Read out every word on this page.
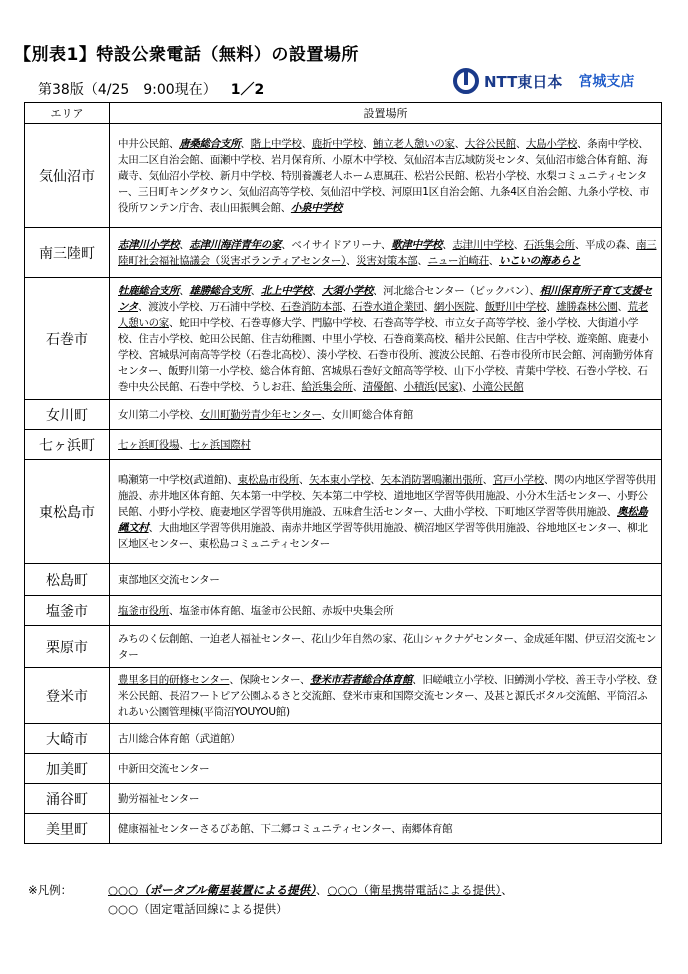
【別表1】特設公衆電話（無料）の設置場所
第38版（4/25　9:00現在） 1／2	NTT東日本 宮城支店
エリア	設置場所
気仙沼市	中井公民館、唐桑総合支所、階上中学校、鹿折中学校、鮪立老人憩いの家、大谷公民館、大島小学校、条南中学校、太田二区自治会館、面瀬中学校、岩月保育所、小原木中学校、気仙沼本吉広域防災センタ、気仙沼市総合体育館、海蔵寺、気仙沼小学校、新月中学校、特別養護老人ホーム恵風荘、松岩公民館、松岩小学校、水梨コミュニティセンター、三日町キングタウン、気仙沼高等学校、気仙沼中学校、河原田1区自治会館、九条4区自治会館、九条小学校、市役所ワンテン庁舎、表山田振興会館、小泉中学校
南三陸町	志津川小学校、志津川海洋青年の家、ベイサイドアリーナ、歌津中学校、志津川中学校、石浜集会所、平成の森、南三陸町社会福祉協議会（災害ボランティアセンター）、災害対策本部、ニュー泊崎荘、いこいの海あらと
石巻市	牡鹿総合支所、雄勝総合支所、北上中学校、大須小学校、河北総合センター（ビックバン）、相川保育所子育て支援センタ、渡波小学校、万石浦中学校、石巻消防本部、石巻水道企業団、網小医院、飯野川中学校、雄勝森林公園、荒老人憩いの家、蛇田中学校、石巻専修大学、門脇中学校、石巻高等学校、市立女子高等学校、釜小学校、大街道小学校、住吉小学校、蛇田公民館、住吉幼稚園、中里小学校、石巻商業高校、稲井公民館、住吉中学校、遊楽館、鹿妻小学校、宮城県河南高等学校（石巻北高校）、湊小学校、石巻市役所、渡波公民館、石巻市役所市民会館、河南勤労体育センター、飯野川第一小学校、総合体育館、宮城県石巻好文館高等学校、山下小学校、青葉中学校、石巻小学校、石巻中央公民館、石巻中学校、うしお荘、給浜集会所、清優館、小積浜(民家)、小滝公民館
女川町	女川第二小学校、女川町勤労青少年センター、女川町総合体育館
七ヶ浜町	七ヶ浜町役場、七ヶ浜国際村
東松島市	鳴瀬第一中学校(武道館)、東松島市役所、矢本東小学校、矢本消防署鳴瀬出張所、宮戸小学校、関の内地区学習等供用施設、赤井地区体育館、矢本第一中学校、矢本第二中学校、道地地区学習等供用施設、小分木生活センター、小野公民館、小野小学校、鹿妻地区学習等供用施設、五味倉生活センター、大曲小学校、下町地区学習等供用施設、奥松島縄文村、大曲地区学習等供用施設、南赤井地区学習等供用施設、横沼地区学習等供用施設、谷地地区センター、柳北区地区センター、東松島コミュニティセンター
松島町	東部地区交流センター
塩釜市	塩釜市役所、塩釜市体育館、塩釜市公民館、赤坂中央集会所
栗原市	みちのく伝創館、一迫老人福祉センター、花山少年自然の家、花山シャクナゲセンター、金成延年閣、伊豆沼交流センター
登米市	豊里多目的研修センター、保険センター、登米市若者総合体育館、旧嵯峨立小学校、旧鱒渕小学校、善王寺小学校、登米公民館、長沼フートピア公園ふるさと交流館、登米市東和国際交流センター、及甚と源氏ボタル交流館、平筒沼ふれあい公園管理棟(平筒沼YOUYOU館)
大崎市	古川総合体育館（武道館）
加美町	中新田交流センター
涌谷町	勤労福祉センター
美里町	健康福祉センターさるびあ館、下二郷コミュニティセンター、南郷体育館
※凡例：	○○○（ポータブル衛星装置による提供）、○○○（衛星携帯電話による提供）、
○○○（固定電話回線による提供）
